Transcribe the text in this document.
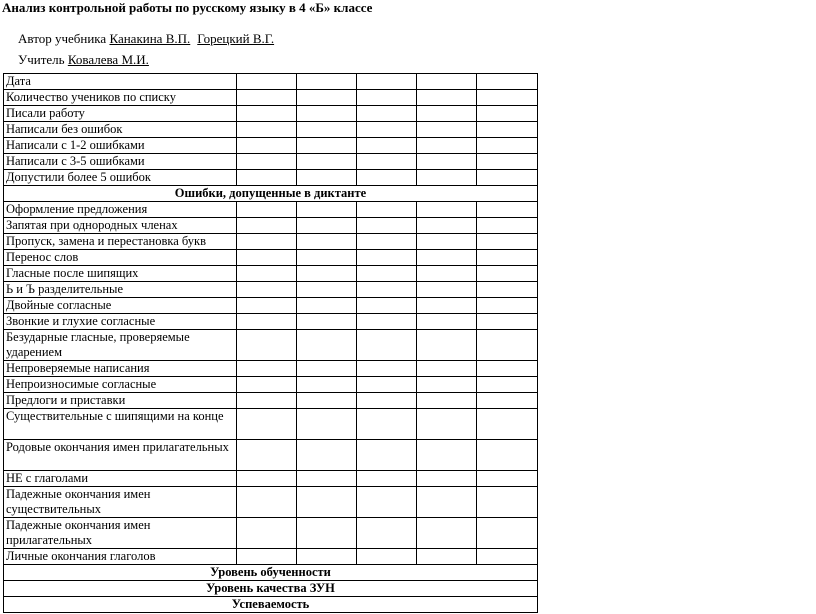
Анализ контрольной работы по русскому языку в 4 «Б» классе
Автор учебника Канакина В.П. Горецкий В.Г.
Учитель Ковалева М.И.
Дата					
Количество учеников по списку					
Писали работу					
Написали без ошибок					
Написали с 1-2 ошибками					
Написали с 3-5 ошибками					
Допустили более 5 ошибок					
Ошибки, допущенные в диктанте					
Оформление предложения					
Запятая при однородных членах					
Пропуск, замена и перестановка букв					
Перенос слов					
Гласные после шипящих					
Ь и Ъ разделительные					
Двойные согласные					
Звонкие и глухие согласные					
Безударные гласные, проверяемые ударением					
Непроверяемые написания					
Непроизносимые согласные					
Предлоги и приставки					
Существительные с шипящими на конце					
Родовые окончания имен прилагательных					
НЕ с глаголами					
Падежные окончания имен существительных					
Падежные окончания имен прилагательных					
Личные окончания глаголов					
Уровень обученности					
Уровень качества ЗУН					
Успеваемость					
